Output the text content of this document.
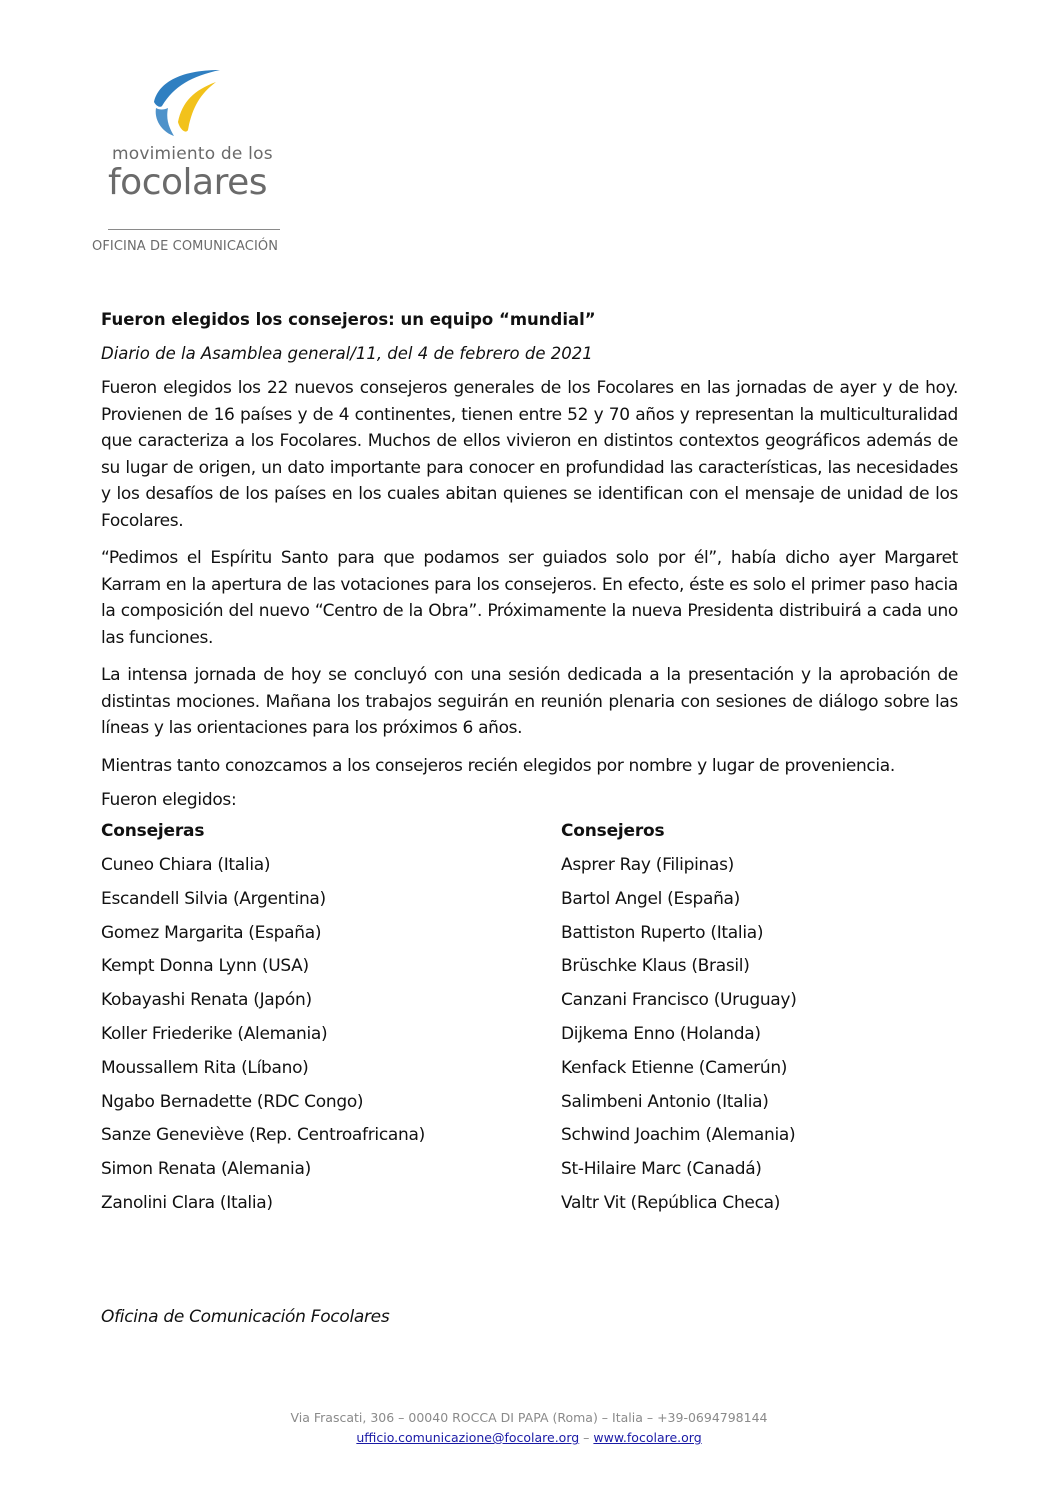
movimiento de los
focolares
OFICINA DE COMUNICACIÓN

Fueron elegidos los consejeros: un equipo “mundial”

Diario de la Asamblea general/11, del 4 de febrero de 2021

Fueron elegidos los 22 nuevos consejeros generales de los Focolares en las jornadas de ayer y de hoy. Provienen de 16 países y de 4 continentes, tienen entre 52 y 70 años y representan la multiculturalidad que caracteriza a los Focolares. Muchos de ellos vivieron en distintos contextos geográficos además de su lugar de origen, un dato importante para conocer en profundidad las características, las necesidades y los desafíos de los países en los cuales abitan quienes se identifican con el mensaje de unidad de los Focolares.

“Pedimos el Espíritu Santo para que podamos ser guiados solo por él”, había dicho ayer Margaret Karram en la apertura de las votaciones para los consejeros. En efecto, éste es solo el primer paso hacia la composición del nuevo “Centro de la Obra”. Próximamente la nueva Presidenta distribuirá a cada uno las funciones.

La intensa jornada de hoy se concluyó con una sesión dedicada a la presentación y la aprobación de distintas mociones. Mañana los trabajos seguirán en reunión plenaria con sesiones de diálogo sobre las líneas y las orientaciones para los próximos 6 años.

Mientras tanto conozcamos a los consejeros recién elegidos por nombre y lugar de proveniencia.

Fueron elegidos:

Consejeras
Cuneo Chiara (Italia)
Escandell Silvia (Argentina)
Gomez Margarita (España)
Kempt Donna Lynn (USA)
Kobayashi Renata (Japón)
Koller Friederike (Alemania)
Moussallem Rita (Líbano)
Ngabo Bernadette (RDC Congo)
Sanze Geneviève (Rep. Centroafricana)
Simon Renata (Alemania)
Zanolini Clara (Italia)
Consejeros
Asprer Ray (Filipinas)
Bartol Angel (España)
Battiston Ruperto (Italia)
Brüschke Klaus (Brasil)
Canzani Francisco (Uruguay)
Dijkema Enno (Holanda)
Kenfack Etienne (Camerún)
Salimbeni Antonio (Italia)
Schwind Joachim (Alemania)
St-Hilaire Marc (Canadá)
Valtr Vit (República Checa)
Oficina de Comunicación Focolares
Via Frascati, 306 – 00040 ROCCA DI PAPA (Roma) – Italia – +39-0694798144
ufficio.comunicazione@focolare.org – www.focolare.org
